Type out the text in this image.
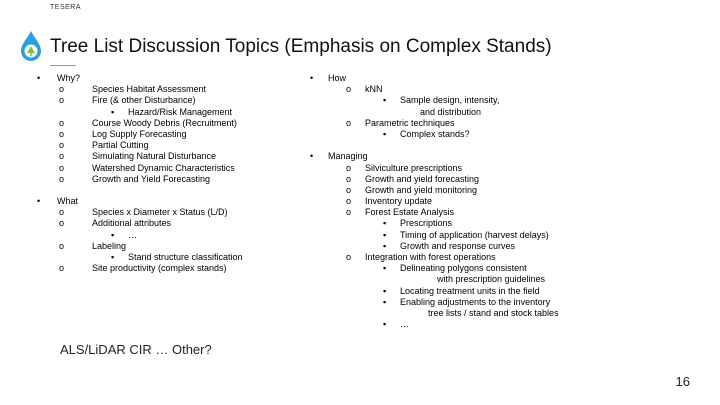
TESERA
Tree List Discussion Topics (Emphasis on Complex Stands)
• Why?
o	Species Habitat Assessment
o	Fire (& other Disturbance)
▪ Hazard/Risk Management
o	Course Woody Debris (Recruitment)
o	Log Supply Forecasting
o	Partial Cutting
o	Simulating Natural Disturbance
o	Watershed Dynamic Characteristics
o	Growth and Yield Forecasting
• What
o	Species x Diameter x Status (L/D)
o	Additional attributes
▪ …
o	Labeling
▪ Stand structure classification
o	Site productivity (complex stands)
• How
o kNN
▪ Sample design, intensity,
and distribution
o Parametric techniques
▪ Complex stands?
• Managing
o Silviculture prescriptions
o Growth and yield forecasting
o Growth and yield monitoring
o Inventory update
o Forest Estate Analysis
▪ Prescriptions
▪ Timing of application (harvest delays)
▪ Growth and response curves
o Integration with forest operations
▪ Delineating polygons consistent
with prescription guidelines
▪ Locating treatment units in the field
▪ Enabling adjustments to the inventory
tree lists / stand and stock tables
▪ …
ALS/LiDAR CIR … Other?
16
